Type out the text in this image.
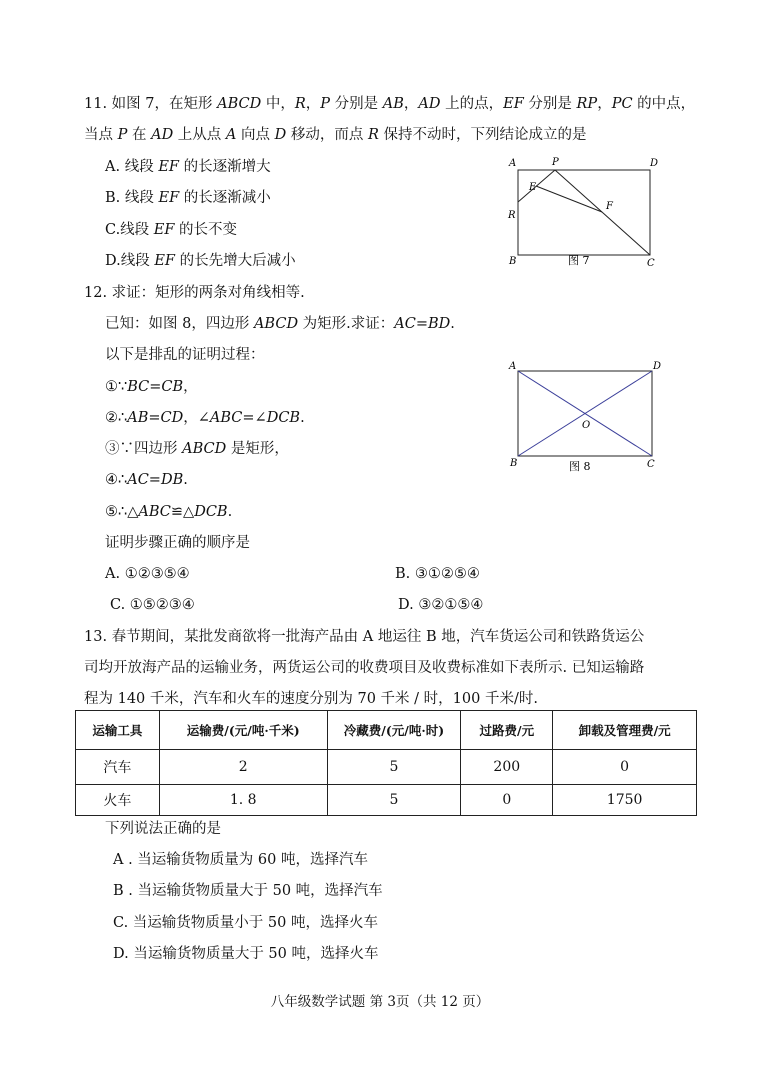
11. 如图 7，在矩形 ABCD 中，R，P 分别是 AB，AD 上的点，EF 分别是 RP，PC 的中点，
当点 P 在 AD 上从点 A 向点 D 移动，而点 R 保持不动时，下列结论成立的是
A. 线段 EF 的长逐渐增大
B. 线段 EF 的长逐渐减小
C.线段 EF 的长不变
D.线段 EF 的长先增大后减小
A	P	D
E
F
R
B	C
图 7
12. 求证：矩形的两条对角线相等.
已知：如图 8，四边形 ABCD 为矩形.求证：AC=BD.
以下是排乱的证明过程：
①∵BC=CB，
②∴AB=CD，∠ABC=∠DCB.
③∵四边形 ABCD 是矩形，
④∴AC=DB.
⑤∴△ABC≌△DCB.
证明步骤正确的顺序是
A. ①②③⑤④	B. ③①②⑤④
C. ①⑤②③④	D. ③②①⑤④
A	D
O
B	C
图 8
13. 春节期间，某批发商欲将一批海产品由 A 地运往 B 地，汽车货运公司和铁路货运公
司均开放海产品的运输业务，两货运公司的收费项目及收费标准如下表所示. 已知运输路
程为 140 千米，汽车和火车的速度分别为 70 千米 / 时，100 千米/时.
运输工具	运输费/(元/吨·千米)	冷藏费/(元/吨·时)	过路费/元	卸载及管理费/元
汽车	2	5	200	0
火车	1. 8	5	0	1750
下列说法正确的是
A . 当运输货物质量为 60 吨，选择汽车
B . 当运输货物质量大于 50 吨，选择汽车
C. 当运输货物质量小于 50 吨，选择火车
D. 当运输货物质量大于 50 吨，选择火车
八年级数学试题 第 3页（共 12 页）
